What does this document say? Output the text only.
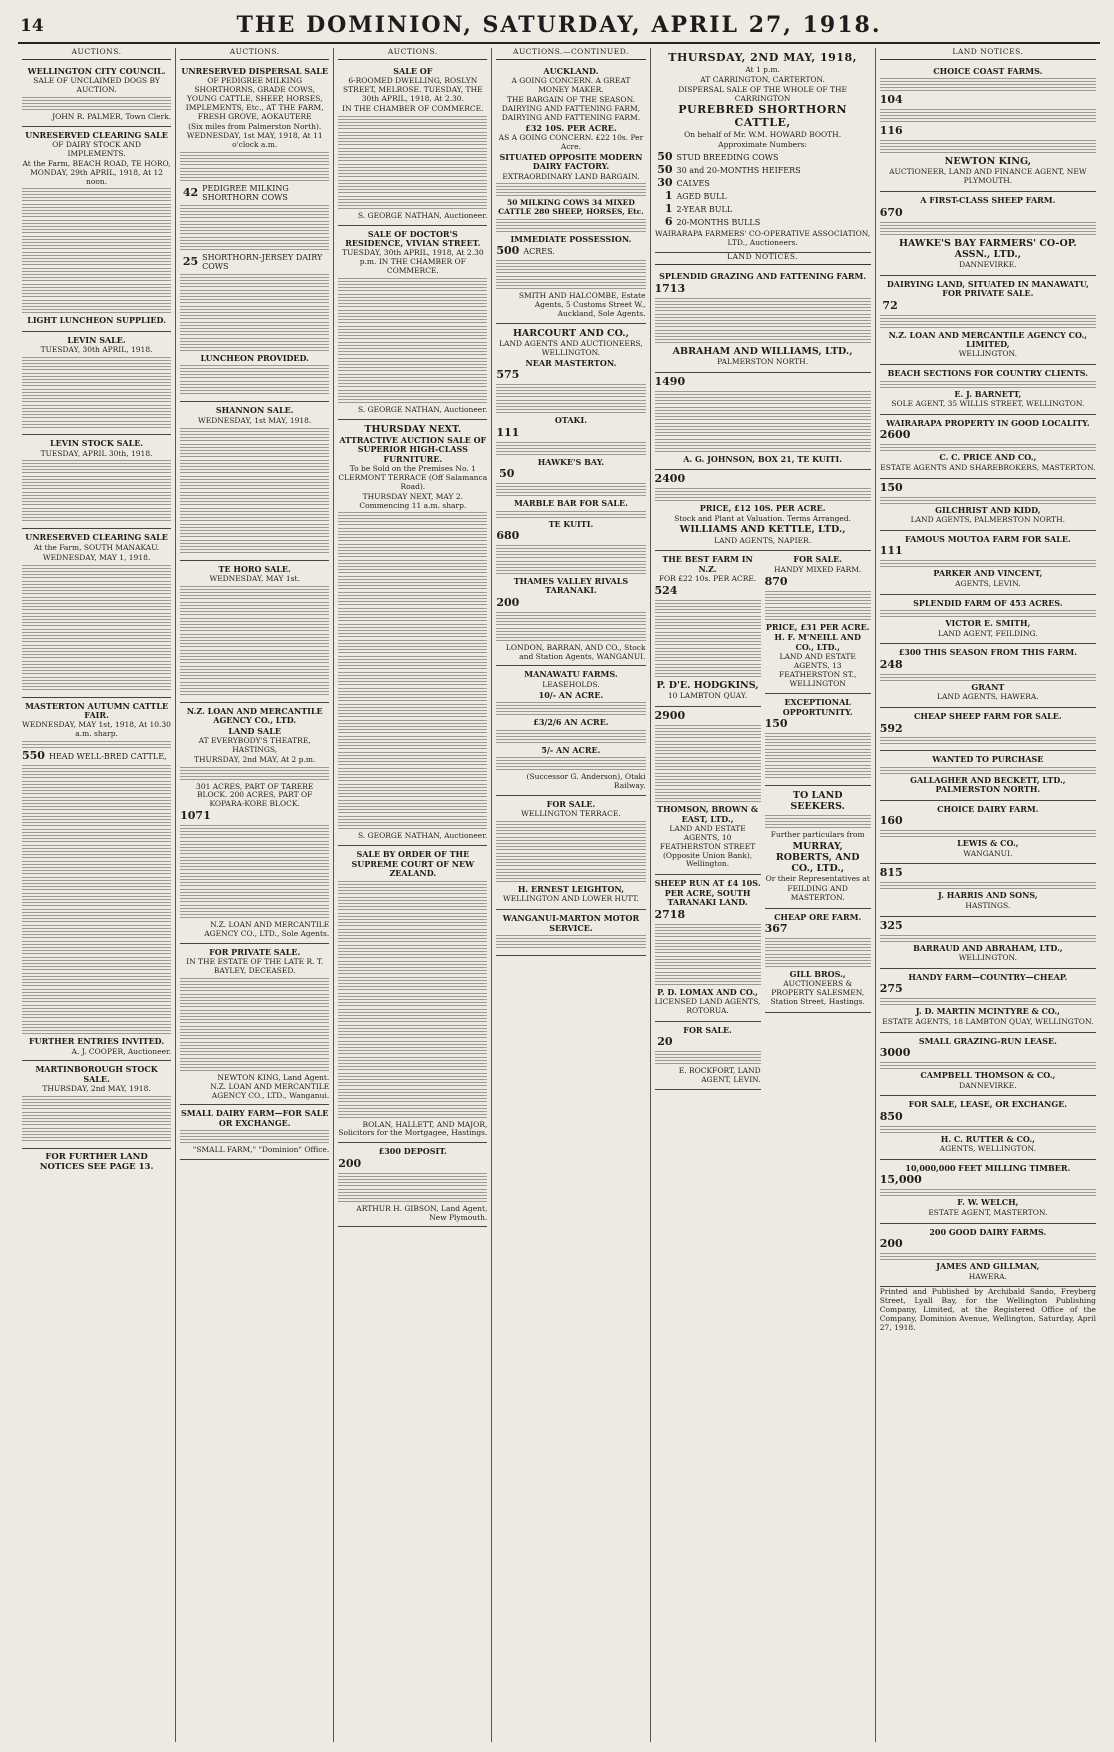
14	THE DOMINION, SATURDAY, APRIL 27, 1918.
AUCTIONS.
WELLINGTON CITY COUNCIL.
SALE OF UNCLAIMED DOGS BY AUCTION.
JOHN R. PALMER, Town Clerk.
UNRESERVED CLEARING SALE
OF DAIRY STOCK AND IMPLEMENTS.
At the Farm, BEACH ROAD, TE HORO, MONDAY, 29th APRIL, 1918, At 12 noon.
LIGHT LUNCHEON SUPPLIED.
LEVIN SALE.
TUESDAY, 30th APRIL, 1918.
LEVIN STOCK SALE.
TUESDAY, APRIL 30th, 1918.
UNRESERVED CLEARING SALE
At the Farm, SOUTH MANAKAU.
WEDNESDAY, MAY 1, 1918.
MASTERTON AUTUMN CATTLE FAIR.
WEDNESDAY, MAY 1st, 1918, At 10.30 a.m. sharp.
550 HEAD WELL-BRED CATTLE,
FURTHER ENTRIES INVITED.
A. J. COOPER, Auctioneer.
MARTINBOROUGH STOCK SALE.
THURSDAY, 2nd MAY, 1918.
FOR FURTHER LAND NOTICES SEE PAGE 13.
AUCTIONS.
UNRESERVED DISPERSAL SALE
OF PEDIGREE MILKING SHORTHORNS, GRADE COWS, YOUNG CATTLE, SHEEP, HORSES, IMPLEMENTS, Etc., AT THE FARM, FRESH GROVE, AOKAUTERE
(Six miles from Palmerston North).
WEDNESDAY, 1st MAY, 1918, At 11 o'clock a.m.
42 PEDIGREE MILKING SHORTHORN COWS
25 SHORTHORN-JERSEY DAIRY COWS
LUNCHEON PROVIDED.
SHANNON SALE.
WEDNESDAY, 1st MAY, 1918.
TE HORO SALE.
WEDNESDAY, MAY 1st.
N.Z. LOAN AND MERCANTILE AGENCY CO., LTD.
LAND SALE
AT EVERYBODY'S THEATRE, HASTINGS,
THURSDAY, 2nd MAY, At 2 p.m.
301 ACRES, PART OF TARERE BLOCK. 200 ACRES, PART OF KOPARA-KORE BLOCK.
1071
N.Z. LOAN AND MERCANTILE AGENCY CO., LTD., Sole Agents.
FOR PRIVATE SALE.
IN THE ESTATE OF THE LATE R. T. BAYLEY, DECEASED.
NEWTON KING, Land Agent.
N.Z. LOAN AND MERCANTILE AGENCY CO., LTD., Wanganui.
SMALL DAIRY FARM—FOR SALE OR EXCHANGE.
"SMALL FARM," "Dominion" Office.
AUCTIONS.
SALE OF
6-ROOMED DWELLING, ROSLYN STREET, MELROSE. TUESDAY, THE 30th APRIL, 1918, At 2.30.
IN THE CHAMBER OF COMMERCE.
S. GEORGE NATHAN, Auctioneer.
SALE OF DOCTOR'S RESIDENCE, VIVIAN STREET.
TUESDAY, 30th APRIL, 1918, At 2.30 p.m. IN THE CHAMBER OF COMMERCE.
S. GEORGE NATHAN, Auctioneer.
THURSDAY NEXT.
ATTRACTIVE AUCTION SALE OF SUPERIOR HIGH-CLASS FURNITURE.
To be Sold on the Premises No. 1 CLERMONT TERRACE (Off Salamanca Road).
THURSDAY NEXT, MAY 2. Commencing 11 a.m. sharp.
S. GEORGE NATHAN, Auctioneer.
SALE BY ORDER OF THE SUPREME COURT OF NEW ZEALAND.
BOLAN, HALLETT, AND MAJOR, Solicitors for the Mortgagee, Hastings.
£300 DEPOSIT.
200
ARTHUR H. GIBSON, Land Agent, New Plymouth.
AUCTIONS.—CONTINUED.
AUCKLAND.
A GOING CONCERN. A GREAT MONEY MAKER.
THE BARGAIN OF THE SEASON. DAIRYING AND FATTENING FARM, DAIRYING AND FATTENING FARM.
£32 10S. PER ACRE.
AS A GOING CONCERN. £22 10s. Per Acre.
SITUATED OPPOSITE MODERN DAIRY FACTORY.
EXTRAORDINARY LAND BARGAIN.
50 MILKING COWS 34 MIXED CATTLE 280 SHEEP, HORSES, Etc.
IMMEDIATE POSSESSION.
500 ACRES.
SMITH AND HALCOMBE, Estate Agents, 5 Customs Street W., Auckland, Sole Agents.
HARCOURT AND CO.,
LAND AGENTS AND AUCTIONEERS, WELLINGTON.
NEAR MASTERTON.
575
OTAKI.
111
HAWKE'S BAY.
50
MARBLE BAR FOR SALE.
TE KUITI.
680
THAMES VALLEY RIVALS TARANAKI.
200
LONDON, BARRAN, AND CO., Stock and Station Agents, WANGANUI.
MANAWATU FARMS.
LEASEHOLDS.
10/- AN ACRE.
£3/2/6 AN ACRE.
5/- AN ACRE.
(Successor G. Anderson), Otaki Railway.
FOR SALE.
WELLINGTON TERRACE.
H. ERNEST LEIGHTON,
WELLINGTON AND LOWER HUTT.
WANGANUI-MARTON MOTOR SERVICE.
THURSDAY, 2ND MAY, 1918,
At 1 p.m.
AT CARRINGTON, CARTERTON.
DISPERSAL SALE OF THE WHOLE OF THE CARRINGTON
PUREBRED SHORTHORN CATTLE,
On behalf of Mr. W.M. HOWARD BOOTH.
Approximate Numbers:
50 STUD BREEDING COWS
50 30 and 20-MONTHS HEIFERS
30 CALVES
1 AGED BULL
1 2-YEAR BULL
6 20-MONTHS BULLS
WAIRARAPA FARMERS' CO-OPERATIVE ASSOCIATION, LTD., Auctioneers.
LAND NOTICES.
SPLENDID GRAZING AND FATTENING FARM.
1713
ABRAHAM AND WILLIAMS, LTD.,
PALMERSTON NORTH.
1490
A. G. JOHNSON, BOX 21, TE KUITI.
2400
PRICE, £12 10S. PER ACRE.
Stock and Plant at Valuation. Terms Arranged.
WILLIAMS AND KETTLE, LTD.,
LAND AGENTS, NAPIER.
THE BEST FARM IN N.Z.
FOR £22 10s. PER ACRE.
524
P. D'E. HODGKINS,
10 LAMBTON QUAY.
2900
THOMSON, BROWN & EAST, LTD.,
LAND AND ESTATE AGENTS, 10 FEATHERSTON STREET (Opposite Union Bank), Wellington.
SHEEP RUN AT £4 10S. PER ACRE, SOUTH TARANAKI LAND.
2718
P. D. LOMAX AND CO.,
LICENSED LAND AGENTS, ROTORUA.
FOR SALE.
20
E. ROCKFORT, LAND AGENT, LEVIN.
FOR SALE.
HANDY MIXED FARM.
870
PRICE, £31 PER ACRE.
H. F. M'NEILL AND CO., LTD.,
LAND AND ESTATE AGENTS, 13 FEATHERSTON ST., WELLINGTON
EXCEPTIONAL OPPORTUNITY.
150
TO LAND SEEKERS.
Further particulars from
MURRAY, ROBERTS, AND CO., LTD.,
Or their Representatives at
FEILDING AND MASTERTON.
CHEAP ORE FARM.
367
GILL BROS.,
AUCTIONEERS & PROPERTY SALESMEN, Station Street, Hastings.
LAND NOTICES.
CHOICE COAST FARMS.
104
116
NEWTON KING,
AUCTIONEER, LAND AND FINANCE AGENT, NEW PLYMOUTH.
A FIRST-CLASS SHEEP FARM.
670
HAWKE'S BAY FARMERS' CO-OP. ASSN., LTD.,
DANNEVIRKE.
DAIRYING LAND, SITUATED IN MANAWATU, FOR PRIVATE SALE.
72
N.Z. LOAN AND MERCANTILE AGENCY CO., LIMITED,
WELLINGTON.
BEACH SECTIONS FOR COUNTRY CLIENTS.
E. J. BARNETT,
SOLE AGENT, 35 WILLIS STREET, WELLINGTON.
WAIRARAPA PROPERTY IN GOOD LOCALITY.
2600
C. C. PRICE AND CO.,
ESTATE AGENTS AND SHAREBROKERS, MASTERTON.
150
GILCHRIST AND KIDD,
LAND AGENTS, PALMERSTON NORTH.
FAMOUS MOUTOA FARM FOR SALE.
111
PARKER AND VINCENT,
AGENTS, LEVIN.
SPLENDID FARM OF 453 ACRES.
VICTOR E. SMITH,
LAND AGENT, FEILDING.
£300 THIS SEASON FROM THIS FARM.
248
GRANT
LAND AGENTS, HAWERA.
CHEAP SHEEP FARM FOR SALE.
592
WANTED TO PURCHASE
GALLAGHER AND BECKETT, LTD., PALMERSTON NORTH.
CHOICE DAIRY FARM.
160
LEWIS & CO.,
WANGANUI.
815
J. HARRIS AND SONS,
HASTINGS.
325
BARRAUD AND ABRAHAM, LTD.,
WELLINGTON.
HANDY FARM—COUNTRY—CHEAP.
275
J. D. MARTIN MCINTYRE & CO.,
ESTATE AGENTS, 18 LAMBTON QUAY, WELLINGTON.
SMALL GRAZING-RUN LEASE.
3000
CAMPBELL THOMSON & CO.,
DANNEVIRKE.
FOR SALE, LEASE, OR EXCHANGE.
850
H. C. RUTTER & CO.,
AGENTS, WELLINGTON.
10,000,000 FEET MILLING TIMBER.
15,000
F. W. WELCH,
ESTATE AGENT, MASTERTON.
200 GOOD DAIRY FARMS.
200
JAMES AND GILLMAN,
HAWERA.
Printed and Published by Archibald Sando, Freyberg Street, Lyall Bay, for the Wellington Publishing Company, Limited, at the Registered Office of the Company, Dominion Avenue, Wellington, Saturday, April 27, 1918.
